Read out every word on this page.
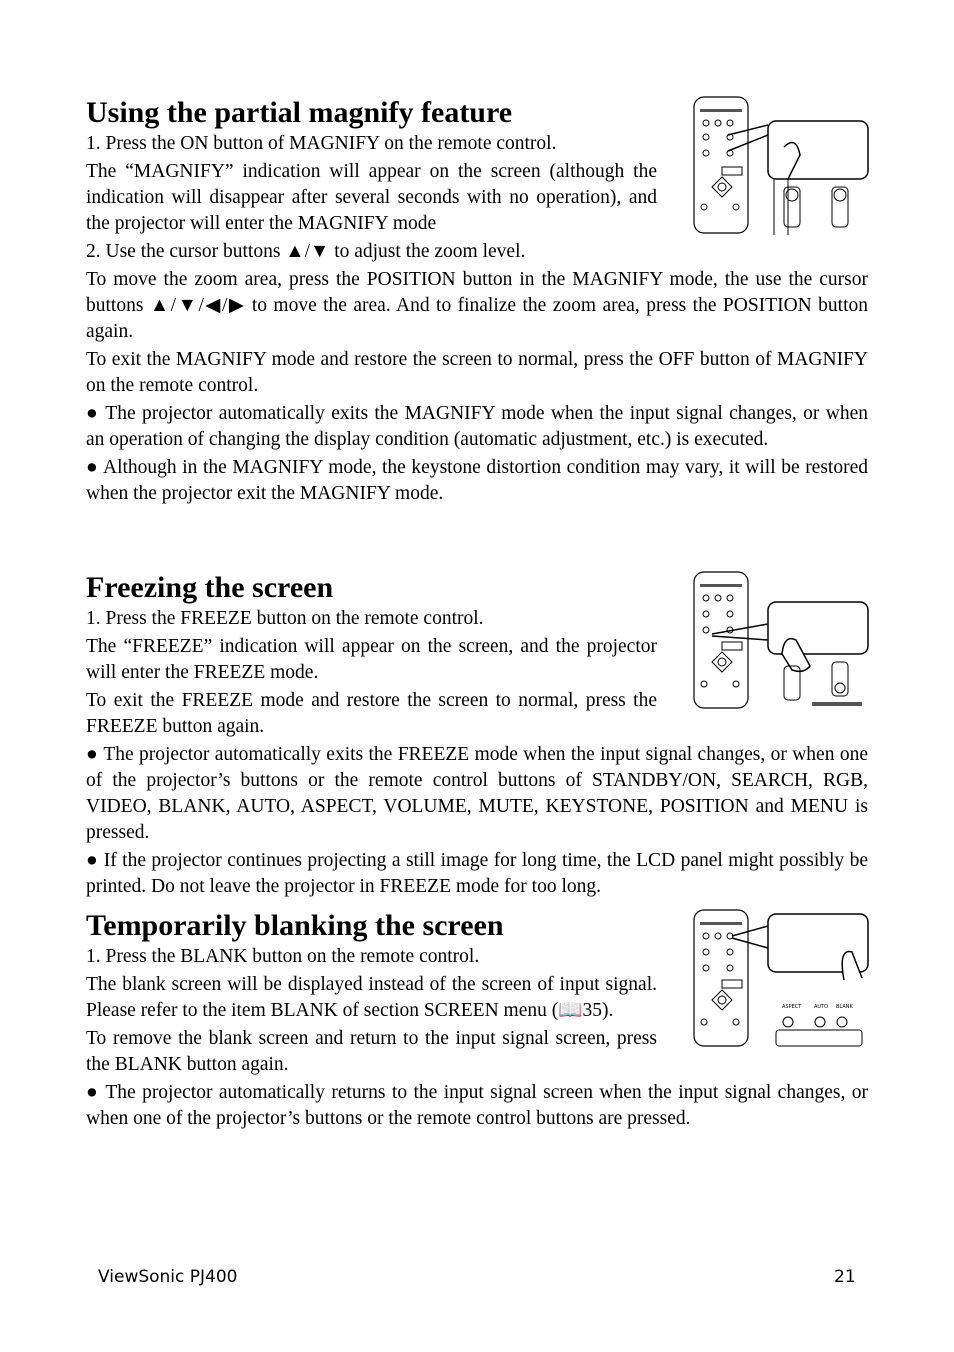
Using the partial magnify feature

1. Press the ON button of MAGNIFY on the remote control.

The “MAGNIFY” indication will appear on the screen (although the indication will disappear after several seconds with no operation), and the projector will enter the MAGNIFY mode

2. Use the cursor buttons ▲/▼ to adjust the zoom level.

To move the zoom area, press the POSITION button in the MAGNIFY mode, the use the cursor buttons ▲/▼/◀/▶ to move the area. And to finalize the zoom area, press the POSITION button again.

To exit the MAGNIFY mode and restore the screen to normal, press the OFF button of MAGNIFY on the remote control.

● The projector automatically exits the MAGNIFY mode when the input signal changes, or when an operation of changing the display condition (automatic adjustment, etc.) is executed.

● Although in the MAGNIFY mode, the keystone distortion condition may vary, it will be restored when the projector exit the MAGNIFY mode.

Freezing the screen

1. Press the FREEZE button on the remote control.

The “FREEZE” indication will appear on the screen, and the projector will enter the FREEZE mode.

To exit the FREEZE mode and restore the screen to normal, press the FREEZE button again.

● The projector automatically exits the FREEZE mode when the input signal changes, or when one of the projector’s buttons or the remote control buttons of STANDBY/ON, SEARCH, RGB, VIDEO, BLANK, AUTO, ASPECT, VOLUME, MUTE, KEYSTONE, POSITION and MENU is pressed.

● If the projector continues projecting a still image for long time, the LCD panel might possibly be printed. Do not leave the projector in FREEZE mode for too long.

Temporarily blanking the screen

1. Press the BLANK button on the remote control.

The blank screen will be displayed instead of the screen of input signal. Please refer to the item BLANK of section SCREEN menu (📖35).

To remove the blank screen and return to the input signal screen, press the BLANK button again.

● The projector automatically returns to the input signal screen when the input signal changes, or when one of the projector’s buttons or the remote control buttons are pressed.

ASPECT	AUTO BLANK
ViewSonic PJ400	21
